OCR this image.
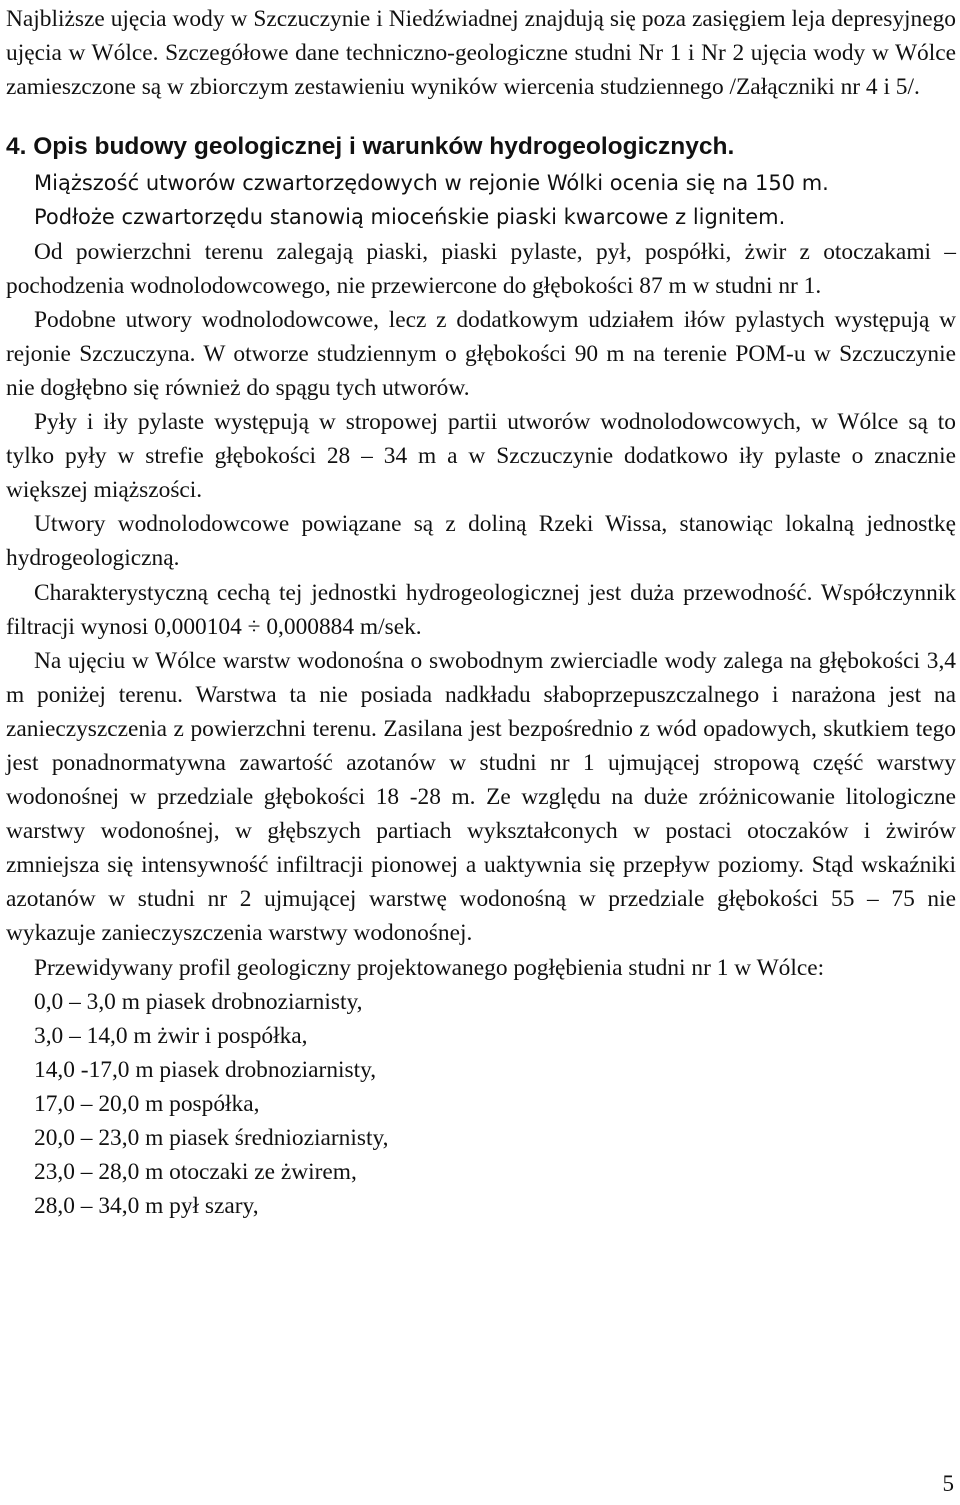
Najbliższe ujęcia wody w Szczuczynie i Niedźwiadnej znajdują się poza zasięgiem leja depresyjnego ujęcia w Wólce. Szczegółowe dane techniczno-geologiczne studni Nr 1 i Nr 2 ujęcia wody w Wólce zamieszczone są w zbiorczym zestawieniu wyników wiercenia studziennego /Załączniki nr 4 i 5/.

4. Opis budowy geologicznej i warunków hydrogeologicznych.

Miąższość utworów czwartorzędowych w rejonie Wólki ocenia się na 150 m.

Podłoże czwartorzędu stanowią mioceńskie piaski kwarcowe z lignitem.

Od powierzchni terenu zalegają piaski, piaski pylaste, pył, pospółki, żwir z otoczakami – pochodzenia wodnolodowcowego, nie przewiercone do głębokości 87 m w studni nr 1.

Podobne utwory wodnolodowcowe, lecz z dodatkowym udziałem iłów pylastych występują w rejonie Szczuczyna. W otworze studziennym o głębokości 90 m na terenie POM-u w Szczuczynie nie dogłębno się również do spągu tych utworów.

Pyły i iły pylaste występują w stropowej partii utworów wodnolodowcowych, w Wólce są to tylko pyły w strefie głębokości 28 – 34 m a w Szczuczynie dodatkowo iły pylaste o znacznie większej miąższości.

Utwory wodnolodowcowe powiązane są z doliną Rzeki Wissa, stanowiąc lokalną jednostkę hydrogeologiczną.

Charakterystyczną cechą tej jednostki hydrogeologicznej jest duża przewodność. Współczynnik filtracji wynosi 0,000104 ÷ 0,000884 m/sek.

Na ujęciu w Wólce warstw wodonośna o swobodnym zwierciadle wody zalega na głębokości 3,4 m poniżej terenu. Warstwa ta nie posiada nadkładu słaboprzepuszczalnego i narażona jest na zanieczyszczenia z powierzchni terenu. Zasilana jest bezpośrednio z wód opadowych, skutkiem tego jest ponadnormatywna zawartość azotanów w studni nr 1 ujmującej stropową część warstwy wodonośnej w przedziale głębokości 18 -28 m. Ze względu na duże zróżnicowanie litologiczne warstwy wodonośnej, w głębszych partiach wykształconych w postaci otoczaków i żwirów zmniejsza się intensywność infiltracji pionowej a uaktywnia się przepływ poziomy. Stąd wskaźniki azotanów w studni nr 2 ujmującej warstwę wodonośną w przedziale głębokości 55 – 75 nie wykazuje zanieczyszczenia warstwy wodonośnej.

Przewidywany profil geologiczny projektowanego pogłębienia studni nr 1 w Wólce:

0,0 – 3,0 m piasek drobnoziarnisty,
3,0 – 14,0 m żwir i pospółka,
14,0 -17,0 m piasek drobnoziarnisty,
17,0 – 20,0 m pospółka,
20,0 – 23,0 m piasek średnioziarnisty,
23,0 – 28,0 m otoczaki ze żwirem,
28,0 – 34,0 m pył szary,
5
